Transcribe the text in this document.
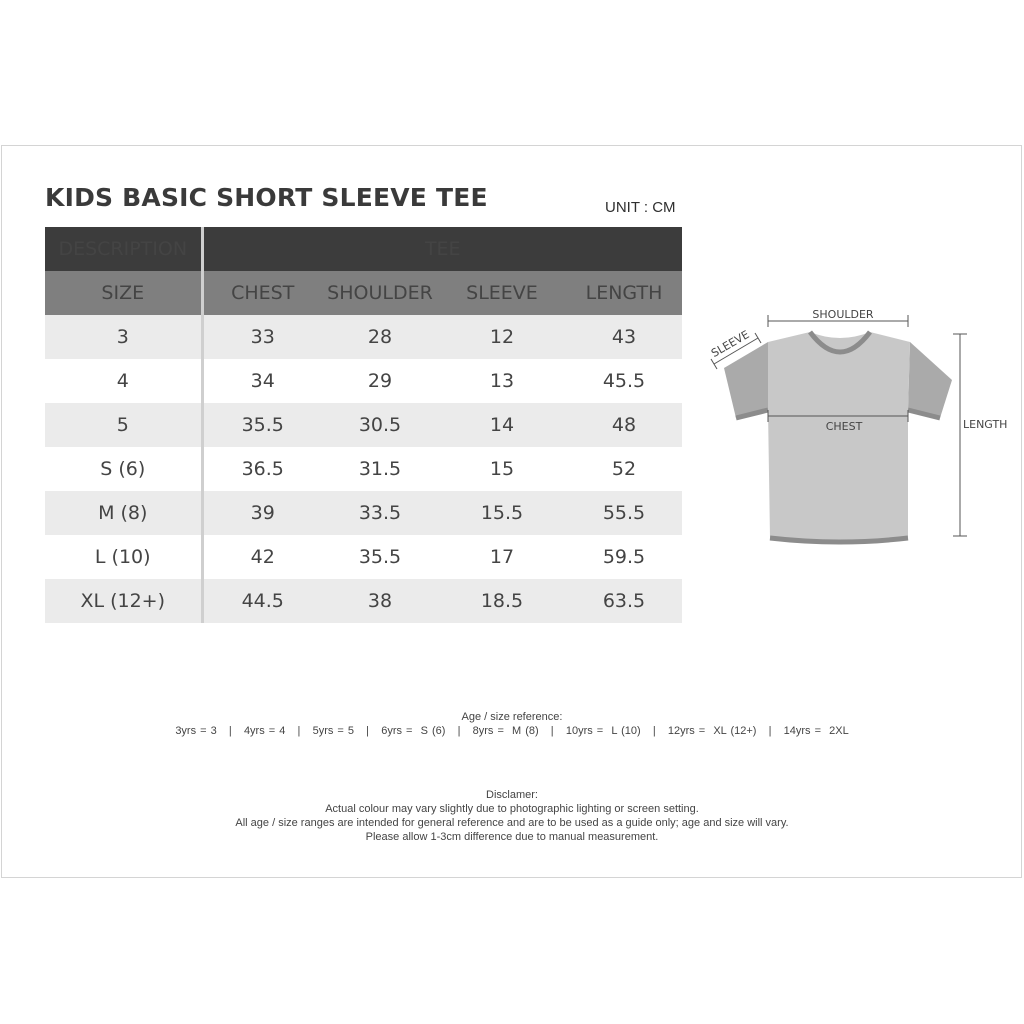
KIDS BASIC SHORT SLEEVE TEE	UNIT : CM
DESCRIPTION	TEE			
SIZE	CHEST	SHOULDER	SLEEVE	LENGTH
3	33	28	12	43
4	34	29	13	45.5
5	35.5	30.5	14	48
S (6)	36.5	31.5	15	52
M (8)	39	33.5	15.5	55.5
L (10)	42	35.5	17	59.5
XL (12+)	44.5	38	18.5	63.5
SHOULDER
SLEEVE
CHEST	LENGTH
Age / size reference:
3yrs = 3   |   4yrs = 4   |   5yrs = 5   |   6yrs =  S (6)   |   8yrs =  M (8)   |   10yrs =  L (10)   |   12yrs =  XL (12+)   |   14yrs =  2XL
Disclamer:
Actual colour may vary slightly due to photographic lighting or screen setting.
All age / size ranges are intended for general reference and are to be used as a guide only; age and size will vary.
Please allow 1-3cm difference due to manual measurement.
